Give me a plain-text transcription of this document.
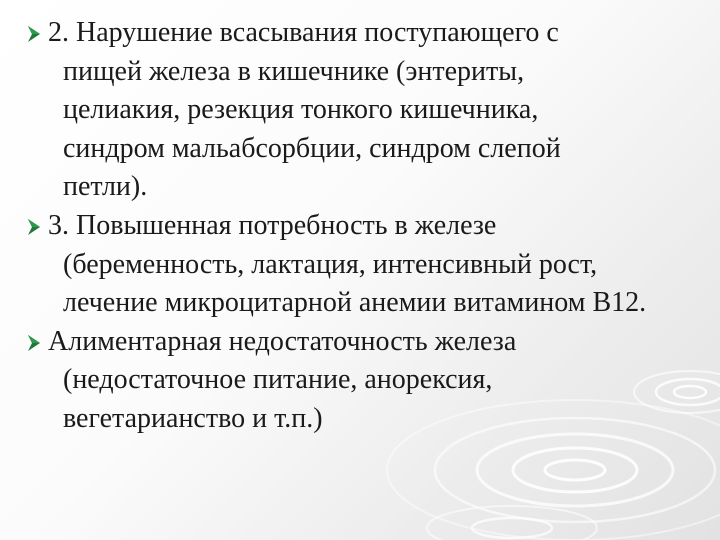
2. Нарушение всасывания поступающего с
пищей железа в кишечнике (энтериты,
целиакия, резекция тонкого кишечника,
синдром мальабсорбции, синдром слепой
петли).
3. Повышенная потребность в железе
(беременность, лактация, интенсивный рост,
лечение микроцитарной анемии витамином В12.
Алиментарная недостаточность железа
(недостаточное питание, анорексия,
вегетарианство и т.п.)
